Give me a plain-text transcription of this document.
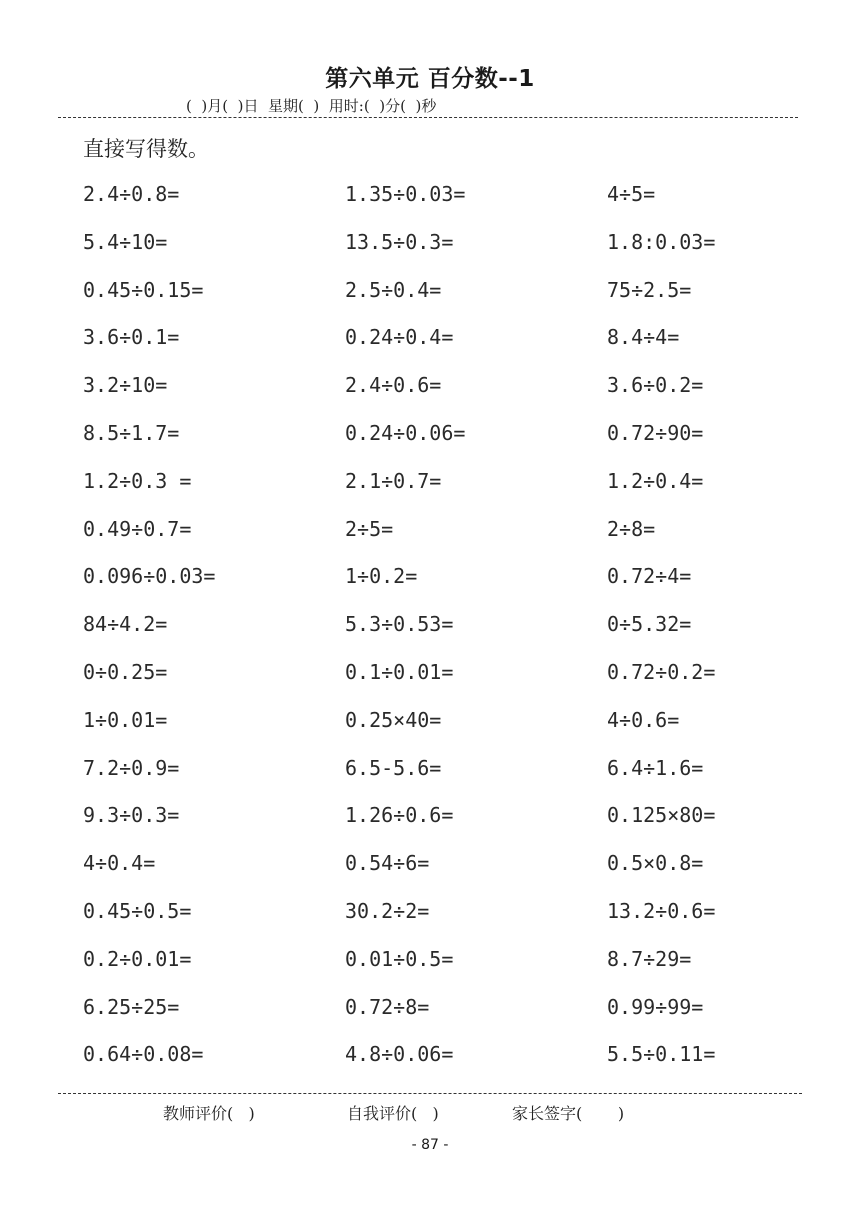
第六单元 百分数--1
(  )月(  )日  星期(  )  用时:(  )分(  )秒
直接写得数。
2.4÷0.8=
5.4÷10=
0.45÷0.15=
3.6÷0.1=
3.2÷10=
8.5÷1.7=
1.2÷0.3 =
0.49÷0.7=
0.096÷0.03=
84÷4.2=
0÷0.25=
1÷0.01=
7.2÷0.9=
9.3÷0.3=
4÷0.4=
0.45÷0.5=
0.2÷0.01=
6.25÷25=
0.64÷0.08=
1.35÷0.03=
13.5÷0.3=
2.5÷0.4=
0.24÷0.4=
2.4÷0.6=
0.24÷0.06=
2.1÷0.7=
2÷5=
1÷0.2=
5.3÷0.53=
0.1÷0.01=
0.25×40=
6.5-5.6=
1.26÷0.6=
0.54÷6=
30.2÷2=
0.01÷0.5=
0.72÷8=
4.8÷0.06=
4÷5=
1.8:0.03=
75÷2.5=
8.4÷4=
3.6÷0.2=
0.72÷90=
1.2÷0.4=
2÷8=
0.72÷4=
0÷5.32=
0.72÷0.2=
4÷0.6=
6.4÷1.6=
0.125×80=
0.5×0.8=
13.2÷0.6=
8.7÷29=
0.99÷99=
5.5÷0.11=
教师评价(   )	自我评价(   )	家长签字(       )
- 87 -
